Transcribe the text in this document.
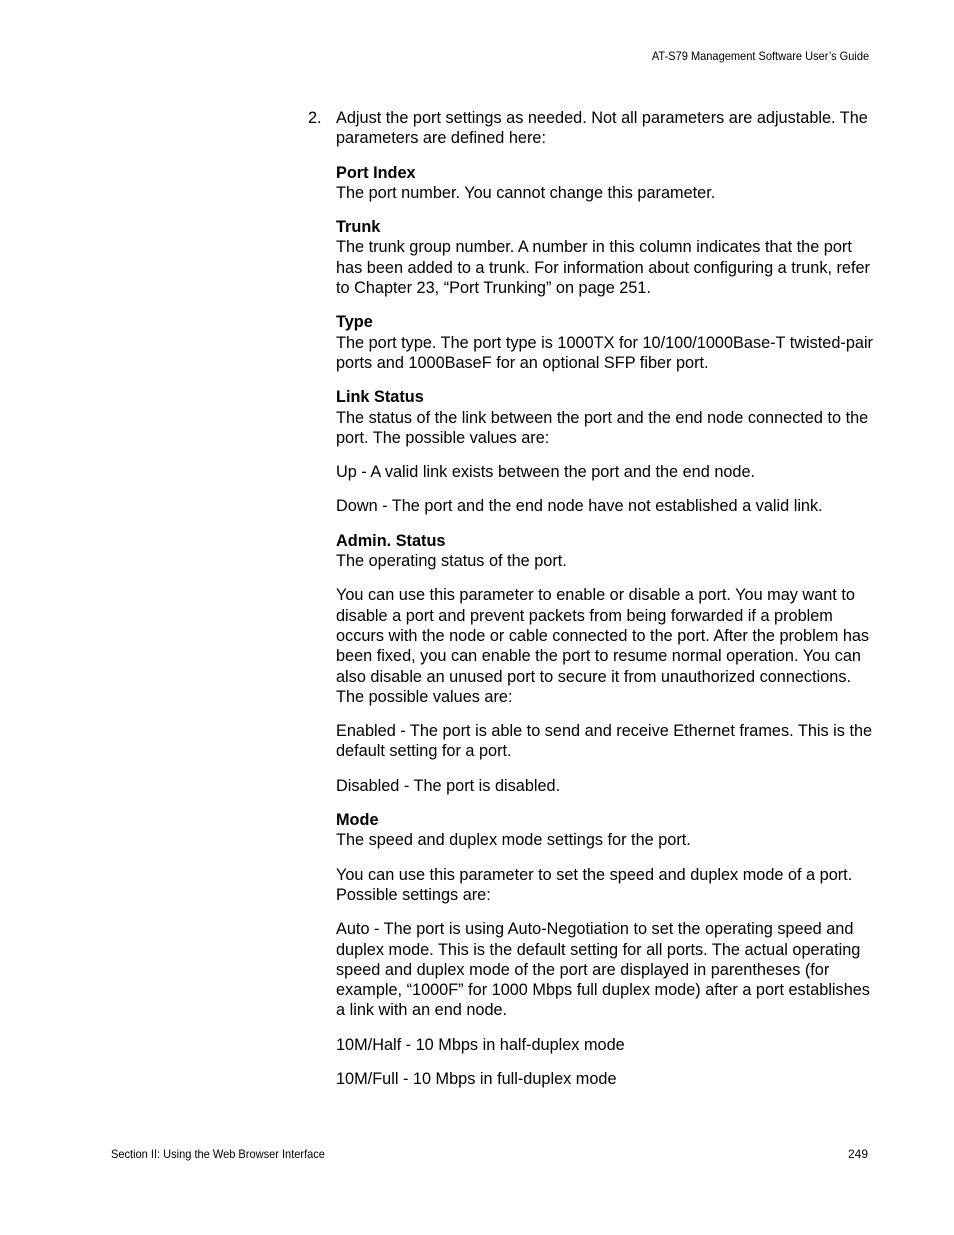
AT-S79 Management Software User’s Guide
2. Adjust the port settings as needed. Not all parameters are adjustable. The parameters are defined here:

Port Index

The port number. You cannot change this parameter.

Trunk

The trunk group number. A number in this column indicates that the port has been added to a trunk. For information about configuring a trunk, refer to Chapter 23, “Port Trunking” on page 251.

Type

The port type. The port type is 1000TX for 10/100/1000Base-T twisted-pair ports and 1000BaseF for an optional SFP fiber port.

Link Status

The status of the link between the port and the end node connected to the port. The possible values are:

Up - A valid link exists between the port and the end node.
Down - The port and the end node have not established a valid link.
Admin. Status

The operating status of the port.

You can use this parameter to enable or disable a port. You may want to disable a port and prevent packets from being forwarded if a problem occurs with the node or cable connected to the port. After the problem has been fixed, you can enable the port to resume normal operation. You can also disable an unused port to secure it from unauthorized connections. The possible values are:
Enabled - The port is able to send and receive Ethernet frames. This is the default setting for a port.
Disabled - The port is disabled.
Mode

The speed and duplex mode settings for the port.

You can use this parameter to set the speed and duplex mode of a port. Possible settings are:
Auto - The port is using Auto-Negotiation to set the operating speed and duplex mode. This is the default setting for all ports. The actual operating speed and duplex mode of the port are displayed in parentheses (for example, “1000F” for 1000 Mbps full duplex mode) after a port establishes a link with an end node.
10M/Half - 10 Mbps in half-duplex mode
10M/Full - 10 Mbps in full-duplex mode
Section II: Using the Web Browser Interface	249
